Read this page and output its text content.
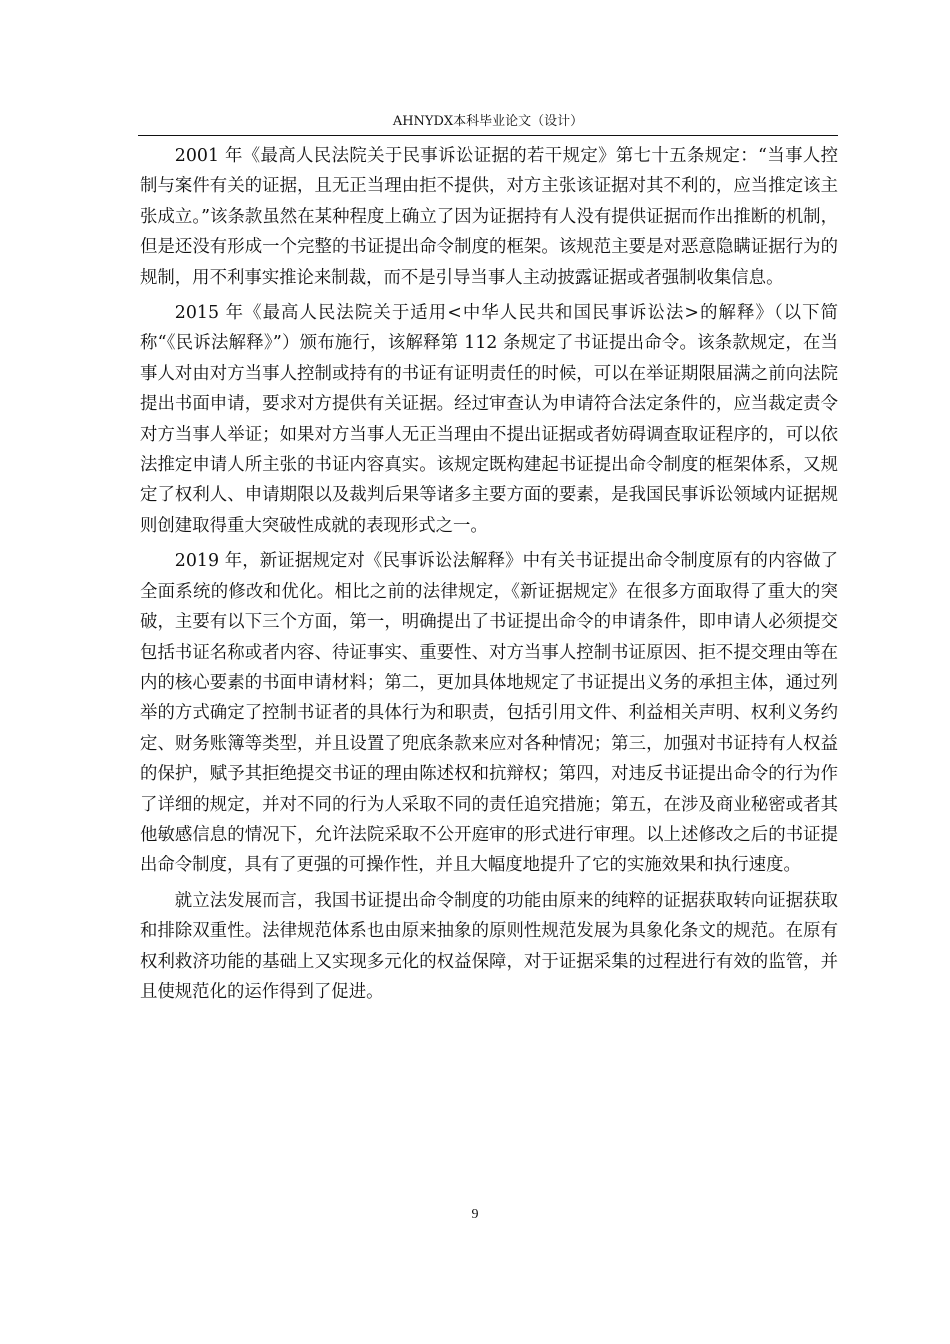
AHNYDX本科毕业论文（设计）

2001 年《最高人民法院关于民事诉讼证据的若干规定》第七十五条规定：“当事人控制与案件有关的证据，且无正当理由拒不提供，对方主张该证据对其不利的，应当推定该主张成立。”该条款虽然在某种程度上确立了因为证据持有人没有提供证据而作出推断的机制，但是还没有形成一个完整的书证提出命令制度的框架。该规范主要是对恶意隐瞒证据行为的规制，用不利事实推论来制裁，而不是引导当事人主动披露证据或者强制收集信息。

2015 年《最高人民法院关于适用<中华人民共和国民事诉讼法>的解释》（以下简称“《民诉法解释》”）颁布施行，该解释第 112 条规定了书证提出命令。该条款规定，在当事人对由对方当事人控制或持有的书证有证明责任的时候，可以在举证期限届满之前向法院提出书面申请，要求对方提供有关证据。经过审查认为申请符合法定条件的，应当裁定责令对方当事人举证；如果对方当事人无正当理由不提出证据或者妨碍调查取证程序的，可以依法推定申请人所主张的书证内容真实。该规定既构建起书证提出命令制度的框架体系，又规定了权利人、申请期限以及裁判后果等诸多主要方面的要素，是我国民事诉讼领域内证据规则创建取得重大突破性成就的表现形式之一。

2019 年，新证据规定对《民事诉讼法解释》中有关书证提出命令制度原有的内容做了全面系统的修改和优化。相比之前的法律规定，《新证据规定》在很多方面取得了重大的突破，主要有以下三个方面，第一，明确提出了书证提出命令的申请条件，即申请人必须提交包括书证名称或者内容、待证事实、重要性、对方当事人控制书证原因、拒不提交理由等在内的核心要素的书面申请材料；第二，更加具体地规定了书证提出义务的承担主体，通过列举的方式确定了控制书证者的具体行为和职责，包括引用文件、利益相关声明、权利义务约定、财务账簿等类型，并且设置了兜底条款来应对各种情况；第三，加强对书证持有人权益的保护，赋予其拒绝提交书证的理由陈述权和抗辩权；第四，对违反书证提出命令的行为作了详细的规定，并对不同的行为人采取不同的责任追究措施；第五，在涉及商业秘密或者其他敏感信息的情况下，允许法院采取不公开庭审的形式进行审理。以上述修改之后的书证提出命令制度，具有了更强的可操作性，并且大幅度地提升了它的实施效果和执行速度。

就立法发展而言，我国书证提出命令制度的功能由原来的纯粹的证据获取转向证据获取和排除双重性。法律规范体系也由原来抽象的原则性规范发展为具象化条文的规范。在原有权利救济功能的基础上又实现多元化的权益保障，对于证据采集的过程进行有效的监管，并且使规范化的运作得到了促进。

9
